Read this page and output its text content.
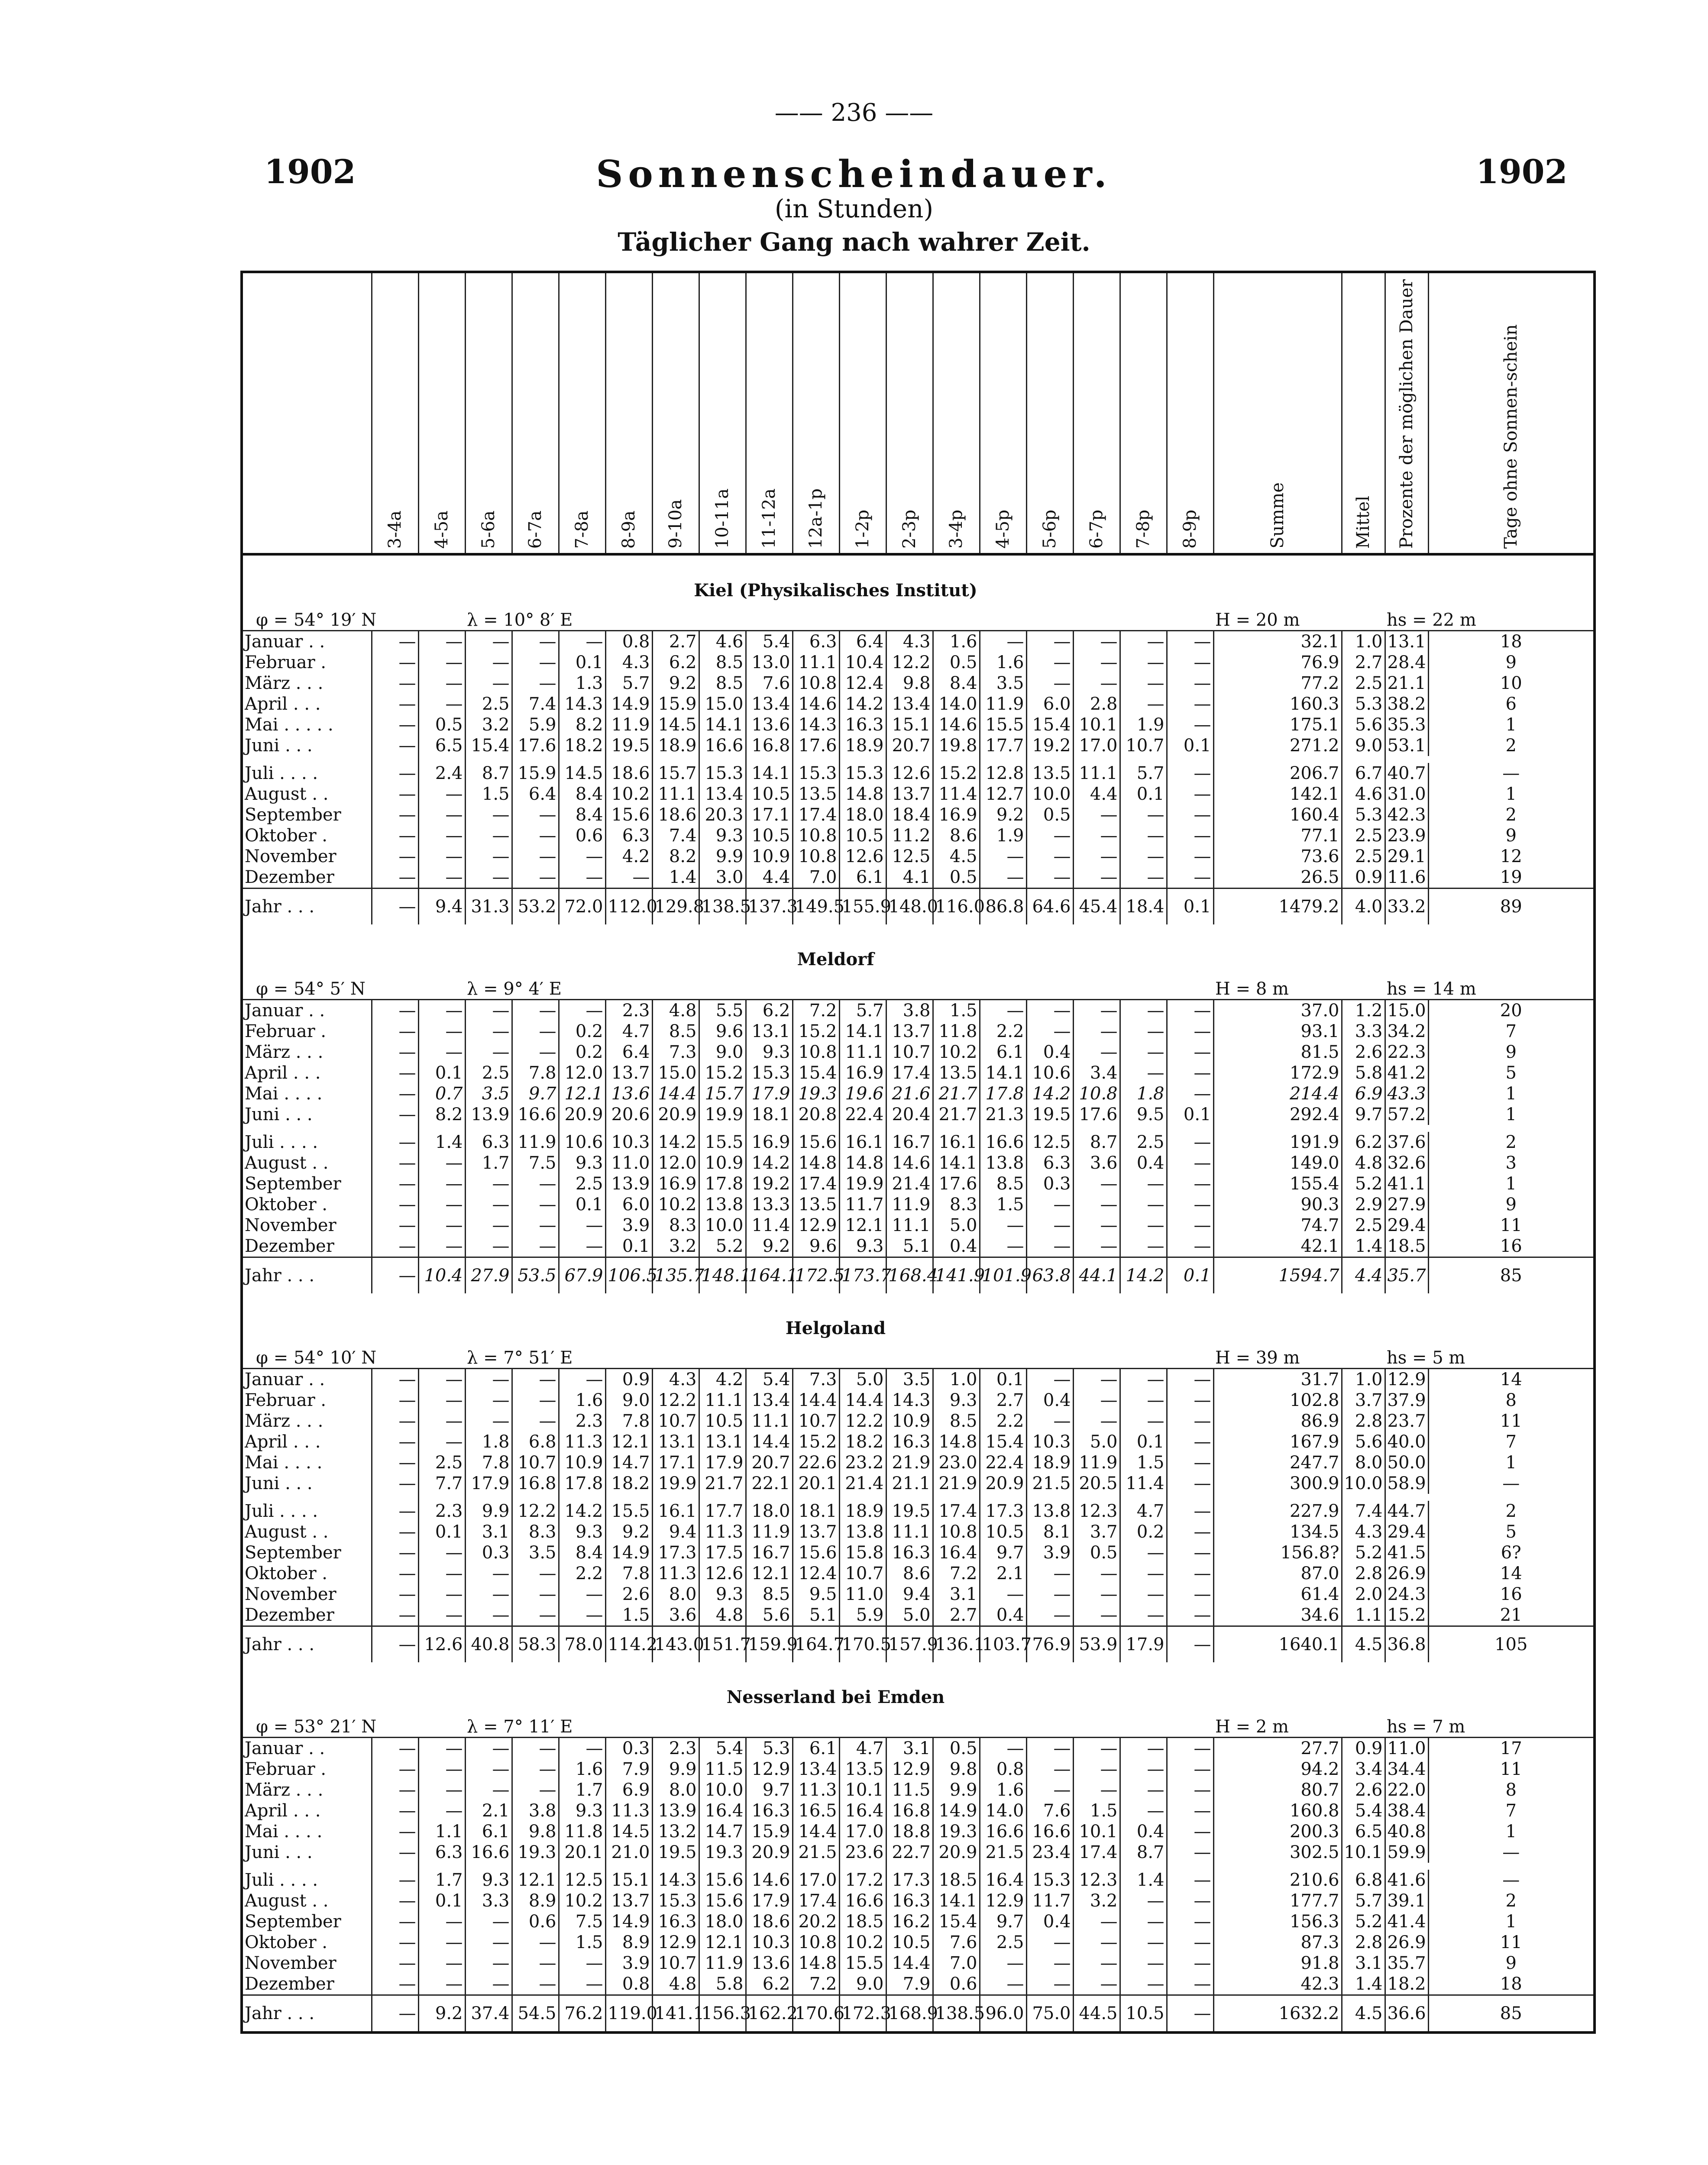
—— 236 ——
1902	1902
Sonnenscheindauer.
(in Stunden)
Täglicher Gang nach wahrer Zeit.
	3-4a	4-5a	5-6a	6-7a	7-8a	8-9a	9-10a	10-11a	11-12a	12a-1p	1-2p	2-3p	3-4p	4-5p	5-6p	6-7p	7-8p	8-9p	Summe	Mittel	Prozente der möglichen Dauer	Tage ohne Sonnen-schein
Kiel (Physikalisches Institut)																						
φ = 54° 19′ N			λ = 10° 8′ E																H = 20 m		hs = 22 m	
Januar . .	—	—	—	—	—	0.8	2.7	4.6	5.4	6.3	6.4	4.3	1.6	—	—	—	—	—	32.1	1.0	13.1	18
Februar .	—	—	—	—	0.1	4.3	6.2	8.5	13.0	11.1	10.4	12.2	0.5	1.6	—	—	—	—	76.9	2.7	28.4	9
März . . .	—	—	—	—	1.3	5.7	9.2	8.5	7.6	10.8	12.4	9.8	8.4	3.5	—	—	—	—	77.2	2.5	21.1	10
April . . .	—	—	2.5	7.4	14.3	14.9	15.9	15.0	13.4	14.6	14.2	13.4	14.0	11.9	6.0	2.8	—	—	160.3	5.3	38.2	6
Mai . . . . .	—	0.5	3.2	5.9	8.2	11.9	14.5	14.1	13.6	14.3	16.3	15.1	14.6	15.5	15.4	10.1	1.9	—	175.1	5.6	35.3	1
Juni . . .	—	6.5	15.4	17.6	18.2	19.5	18.9	16.6	16.8	17.6	18.9	20.7	19.8	17.7	19.2	17.0	10.7	0.1	271.2	9.0	53.1	2

Juli . . . .	—	2.4	8.7	15.9	14.5	18.6	15.7	15.3	14.1	15.3	15.3	12.6	15.2	12.8	13.5	11.1	5.7	—	206.7	6.7	40.7	—
August . .	—	—	1.5	6.4	8.4	10.2	11.1	13.4	10.5	13.5	14.8	13.7	11.4	12.7	10.0	4.4	0.1	—	142.1	4.6	31.0	1
September	—	—	—	—	8.4	15.6	18.6	20.3	17.1	17.4	18.0	18.4	16.9	9.2	0.5	—	—	—	160.4	5.3	42.3	2
Oktober .	—	—	—	—	0.6	6.3	7.4	9.3	10.5	10.8	10.5	11.2	8.6	1.9	—	—	—	—	77.1	2.5	23.9	9
November	—	—	—	—	—	4.2	8.2	9.9	10.9	10.8	12.6	12.5	4.5	—	—	—	—	—	73.6	2.5	29.1	12
Dezember	—	—	—	—	—	—	1.4	3.0	4.4	7.0	6.1	4.1	0.5	—	—	—	—	—	26.5	0.9	11.6	19
Jahr . . .	—	9.4	31.3	53.2	72.0	112.0	129.8	138.5	137.3	149.5	155.9	148.0	116.0	86.8	64.6	45.4	18.4	0.1	1479.2	4.0	33.2	89
Meldorf																						
φ = 54° 5′ N			λ = 9° 4′ E																H = 8 m		hs = 14 m	
Januar . .	—	—	—	—	—	2.3	4.8	5.5	6.2	7.2	5.7	3.8	1.5	—	—	—	—	—	37.0	1.2	15.0	20
Februar .	—	—	—	—	0.2	4.7	8.5	9.6	13.1	15.2	14.1	13.7	11.8	2.2	—	—	—	—	93.1	3.3	34.2	7
März . . .	—	—	—	—	0.2	6.4	7.3	9.0	9.3	10.8	11.1	10.7	10.2	6.1	0.4	—	—	—	81.5	2.6	22.3	9
April . . .	—	0.1	2.5	7.8	12.0	13.7	15.0	15.2	15.3	15.4	16.9	17.4	13.5	14.1	10.6	3.4	—	—	172.9	5.8	41.2	5
Mai . . . .	—	0.7	3.5	9.7	12.1	13.6	14.4	15.7	17.9	19.3	19.6	21.6	21.7	17.8	14.2	10.8	1.8	—	214.4	6.9	43.3	1
Juni . . .	—	8.2	13.9	16.6	20.9	20.6	20.9	19.9	18.1	20.8	22.4	20.4	21.7	21.3	19.5	17.6	9.5	0.1	292.4	9.7	57.2	1

Juli . . . .	—	1.4	6.3	11.9	10.6	10.3	14.2	15.5	16.9	15.6	16.1	16.7	16.1	16.6	12.5	8.7	2.5	—	191.9	6.2	37.6	2
August . .	—	—	1.7	7.5	9.3	11.0	12.0	10.9	14.2	14.8	14.8	14.6	14.1	13.8	6.3	3.6	0.4	—	149.0	4.8	32.6	3
September	—	—	—	—	2.5	13.9	16.9	17.8	19.2	17.4	19.9	21.4	17.6	8.5	0.3	—	—	—	155.4	5.2	41.1	1
Oktober .	—	—	—	—	0.1	6.0	10.2	13.8	13.3	13.5	11.7	11.9	8.3	1.5	—	—	—	—	90.3	2.9	27.9	9
November	—	—	—	—	—	3.9	8.3	10.0	11.4	12.9	12.1	11.1	5.0	—	—	—	—	—	74.7	2.5	29.4	11
Dezember	—	—	—	—	—	0.1	3.2	5.2	9.2	9.6	9.3	5.1	0.4	—	—	—	—	—	42.1	1.4	18.5	16
Jahr . . .	—	10.4	27.9	53.5	67.9	106.5	135.7	148.1	164.1	172.5	173.7	168.4	141.9	101.9	63.8	44.1	14.2	0.1	1594.7	4.4	35.7	85
Helgoland																						
φ = 54° 10′ N			λ = 7° 51′ E																H = 39 m		hs = 5 m	
Januar . .	—	—	—	—	—	0.9	4.3	4.2	5.4	7.3	5.0	3.5	1.0	0.1	—	—	—	—	31.7	1.0	12.9	14
Februar .	—	—	—	—	1.6	9.0	12.2	11.1	13.4	14.4	14.4	14.3	9.3	2.7	0.4	—	—	—	102.8	3.7	37.9	8
März . . .	—	—	—	—	2.3	7.8	10.7	10.5	11.1	10.7	12.2	10.9	8.5	2.2	—	—	—	—	86.9	2.8	23.7	11
April . . .	—	—	1.8	6.8	11.3	12.1	13.1	13.1	14.4	15.2	18.2	16.3	14.8	15.4	10.3	5.0	0.1	—	167.9	5.6	40.0	7
Mai . . . .	—	2.5	7.8	10.7	10.9	14.7	17.1	17.9	20.7	22.6	23.2	21.9	23.0	22.4	18.9	11.9	1.5	—	247.7	8.0	50.0	1
Juni . . .	—	7.7	17.9	16.8	17.8	18.2	19.9	21.7	22.1	20.1	21.4	21.1	21.9	20.9	21.5	20.5	11.4	—	300.9	10.0	58.9	—

Juli . . . .	—	2.3	9.9	12.2	14.2	15.5	16.1	17.7	18.0	18.1	18.9	19.5	17.4	17.3	13.8	12.3	4.7	—	227.9	7.4	44.7	2
August . .	—	0.1	3.1	8.3	9.3	9.2	9.4	11.3	11.9	13.7	13.8	11.1	10.8	10.5	8.1	3.7	0.2	—	134.5	4.3	29.4	5
September	—	—	0.3	3.5	8.4	14.9	17.3	17.5	16.7	15.6	15.8	16.3	16.4	9.7	3.9	0.5	—	—	156.8?	5.2	41.5	6?
Oktober .	—	—	—	—	2.2	7.8	11.3	12.6	12.1	12.4	10.7	8.6	7.2	2.1	—	—	—	—	87.0	2.8	26.9	14
November	—	—	—	—	—	2.6	8.0	9.3	8.5	9.5	11.0	9.4	3.1	—	—	—	—	—	61.4	2.0	24.3	16
Dezember	—	—	—	—	—	1.5	3.6	4.8	5.6	5.1	5.9	5.0	2.7	0.4	—	—	—	—	34.6	1.1	15.2	21
Jahr . . .	—	12.6	40.8	58.3	78.0	114.2	143.0	151.7	159.9	164.7	170.5	157.9	136.1	103.7	76.9	53.9	17.9	—	1640.1	4.5	36.8	105
Nesserland bei Emden																						
φ = 53° 21′ N			λ = 7° 11′ E																H = 2 m		hs = 7 m	
Januar . .	—	—	—	—	—	0.3	2.3	5.4	5.3	6.1	4.7	3.1	0.5	—	—	—	—	—	27.7	0.9	11.0	17
Februar .	—	—	—	—	1.6	7.9	9.9	11.5	12.9	13.4	13.5	12.9	9.8	0.8	—	—	—	—	94.2	3.4	34.4	11
März . . .	—	—	—	—	1.7	6.9	8.0	10.0	9.7	11.3	10.1	11.5	9.9	1.6	—	—	—	—	80.7	2.6	22.0	8
April . . .	—	—	2.1	3.8	9.3	11.3	13.9	16.4	16.3	16.5	16.4	16.8	14.9	14.0	7.6	1.5	—	—	160.8	5.4	38.4	7
Mai . . . .	—	1.1	6.1	9.8	11.8	14.5	13.2	14.7	15.9	14.4	17.0	18.8	19.3	16.6	16.6	10.1	0.4	—	200.3	6.5	40.8	1
Juni . . .	—	6.3	16.6	19.3	20.1	21.0	19.5	19.3	20.9	21.5	23.6	22.7	20.9	21.5	23.4	17.4	8.7	—	302.5	10.1	59.9	—

Juli . . . .	—	1.7	9.3	12.1	12.5	15.1	14.3	15.6	14.6	17.0	17.2	17.3	18.5	16.4	15.3	12.3	1.4	—	210.6	6.8	41.6	—
August . .	—	0.1	3.3	8.9	10.2	13.7	15.3	15.6	17.9	17.4	16.6	16.3	14.1	12.9	11.7	3.2	—	—	177.7	5.7	39.1	2
September	—	—	—	0.6	7.5	14.9	16.3	18.0	18.6	20.2	18.5	16.2	15.4	9.7	0.4	—	—	—	156.3	5.2	41.4	1
Oktober .	—	—	—	—	1.5	8.9	12.9	12.1	10.3	10.8	10.2	10.5	7.6	2.5	—	—	—	—	87.3	2.8	26.9	11
November	—	—	—	—	—	3.9	10.7	11.9	13.6	14.8	15.5	14.4	7.0	—	—	—	—	—	91.8	3.1	35.7	9
Dezember	—	—	—	—	—	0.8	4.8	5.8	6.2	7.2	9.0	7.9	0.6	—	—	—	—	—	42.3	1.4	18.2	18
Jahr . . .	—	9.2	37.4	54.5	76.2	119.0	141.1	156.3	162.2	170.6	172.3	168.9	138.5	96.0	75.0	44.5	10.5	—	1632.2	4.5	36.6	85
